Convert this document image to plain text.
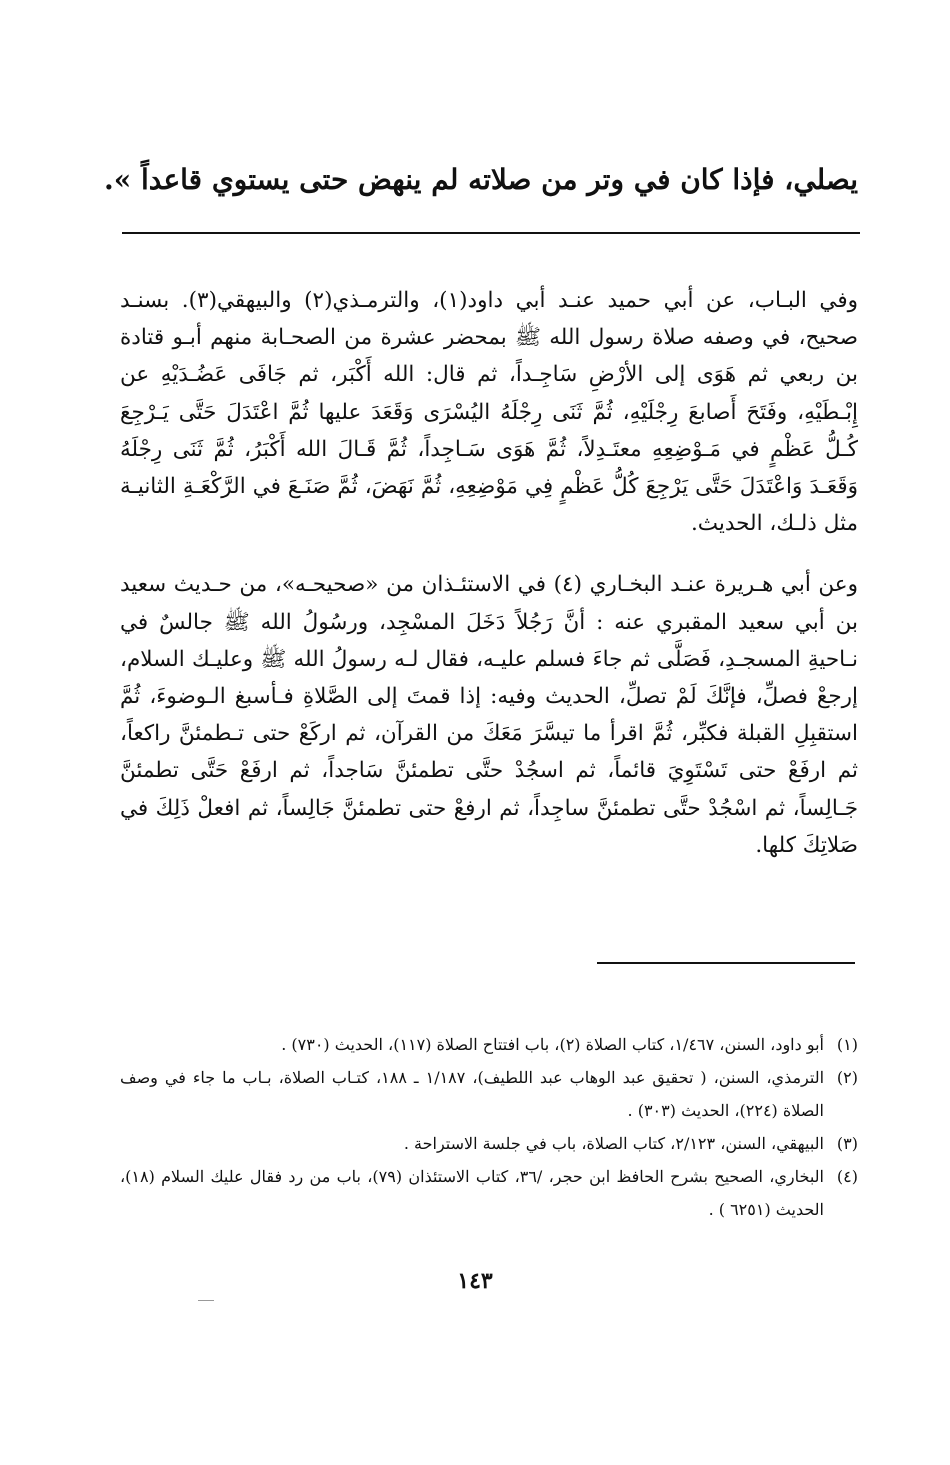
يصلي، فإذا كان في وتر من صلاته لم ينهض حتى يستوي قاعداً ».

وفي البـاب، عن أبي حميد عنـد أبي داود(١)، والترمـذي(٢) والبيهقي(٣). بسنـد صحيح، في وصفه صلاة رسول الله ﷺ بمحضر عشرة من الصحـابة منهم أبـو قتادة بن ربعي ثم هَوَى إلى الأرْضِ سَاجِـداً، ثم قال: الله أَكْبَر، ثم جَافَى عَضُـدَيْهِ عن إِبْـطَيْهِ، وفَتَحَ أَصابعَ رِجْلَيْهِ، ثُمَّ ثَنَى رِجْلَهُ اليُسْرَى وَقَعَدَ عليها ثُمَّ اعْتَدَلَ حَتَّى يَـرْجِعَ كُـلُّ عَظْمٍ في مَـوْضِعِهِ معتَـدِلاً، ثُمَّ هَوَى سَـاجِداً، ثُمَّ قَـالَ الله أَكْبَرُ، ثُمَّ ثَنَى رِجْلَهُ وَقَعَـدَ وَاعْتَدَلَ حَتَّى يَرْجِعَ كُلُّ عَظْمٍ فِي مَوْضِعِهِ، ثُمَّ نَهَضَ، ثُمَّ صَنَـعَ في الرَّكْعَـةِ الثانيـة مثل ذلـك، الحديث.

وعن أبي هـريرة عنـد البخـاري (٤) في الاستئـذان من «صحيحـه»، من حـديث سعيد بن أبي سعيد المقبري عنه : أنَّ رَجُلاً دَخَلَ المسْجِد، ورسُولُ الله ﷺ جالسٌ في نـاحيةِ المسجـدِ، فَصَلَّى ثم جاءَ فسلم عليـه، فقال لـه رسولُ الله ﷺ وعليـك السلام، إرجعْ فصلِّ، فإنَّكَ لَمْ تصلِّ، الحديث وفيه: إذا قمتَ إلى الصَّلاةِ فـأسبغ الـوضوءَ، ثُمَّ استقبِلِ القبلة فكبِّر، ثُمَّ اقرأ ما تيسَّرَ مَعَكَ من القرآن، ثم اركَعْ حتى تـطمئنَّ راكعاً، ثم ارفَعْ حتى تَسْتَوِيَ قائماً، ثم اسجُدْ حتَّى تطمئنَّ سَاجداً، ثم ارفَعْ حَتَّى تطمئنَّ جَـالِساً، ثم اسْجُدْ حتَّى تطمئنَّ ساجِداً، ثم ارفعْ حتى تطمئنَّ جَالِساً، ثم افعلْ ذَلِكَ في صَلاتِكَ كلها.

(١)
أبو داود، السنن، ١/٤٦٧، كتاب الصلاة (٢)، باب افتتاح الصلاة (١١٧)، الحديث (٧٣٠) .

(٢)
الترمذي، السنن، ( تحقيق عبد الوهاب عبد اللطيف)، ١/١٨٧ ـ ١٨٨، كتـاب الصلاة، بـاب ما جاء في وصف الصلاة (٢٢٤)، الحديث (٣٠٣) .

(٣)
البيهقي، السنن، ٢/١٢٣، كتاب الصلاة، باب في جلسة الاستراحة .

(٤)
البخاري، الصحيح بشرح الحافظ ابن حجر، /٣٦، كتاب الاستئذان (٧٩)، باب من رد فقال عليك السلام (١٨)، الحديث (٦٢٥١ ) .

١٤٣
